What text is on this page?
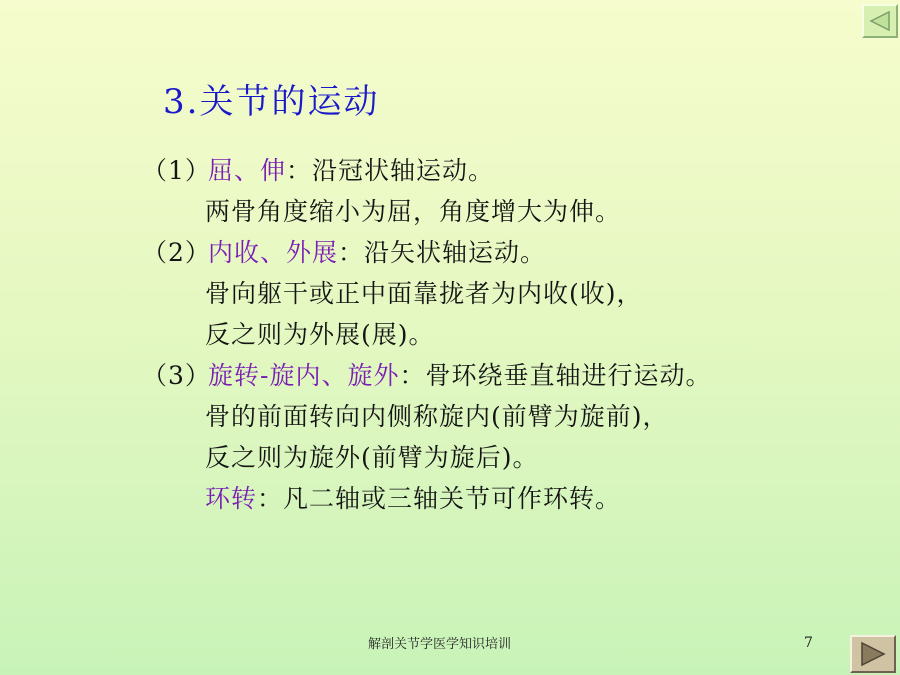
3.关节的运动
（1）屈、伸：沿冠状轴运动。
两骨角度缩小为屈，角度增大为伸。
（2）内收、外展：沿矢状轴运动。
骨向躯干或正中面靠拢者为内收(收)，
反之则为外展(展)。
（3）旋转-旋内、旋外：骨环绕垂直轴进行运动。
骨的前面转向内侧称旋内(前臂为旋前)，
反之则为旋外(前臂为旋后)。
环转：凡二轴或三轴关节可作环转。
解剖关节学医学知识培训	7
